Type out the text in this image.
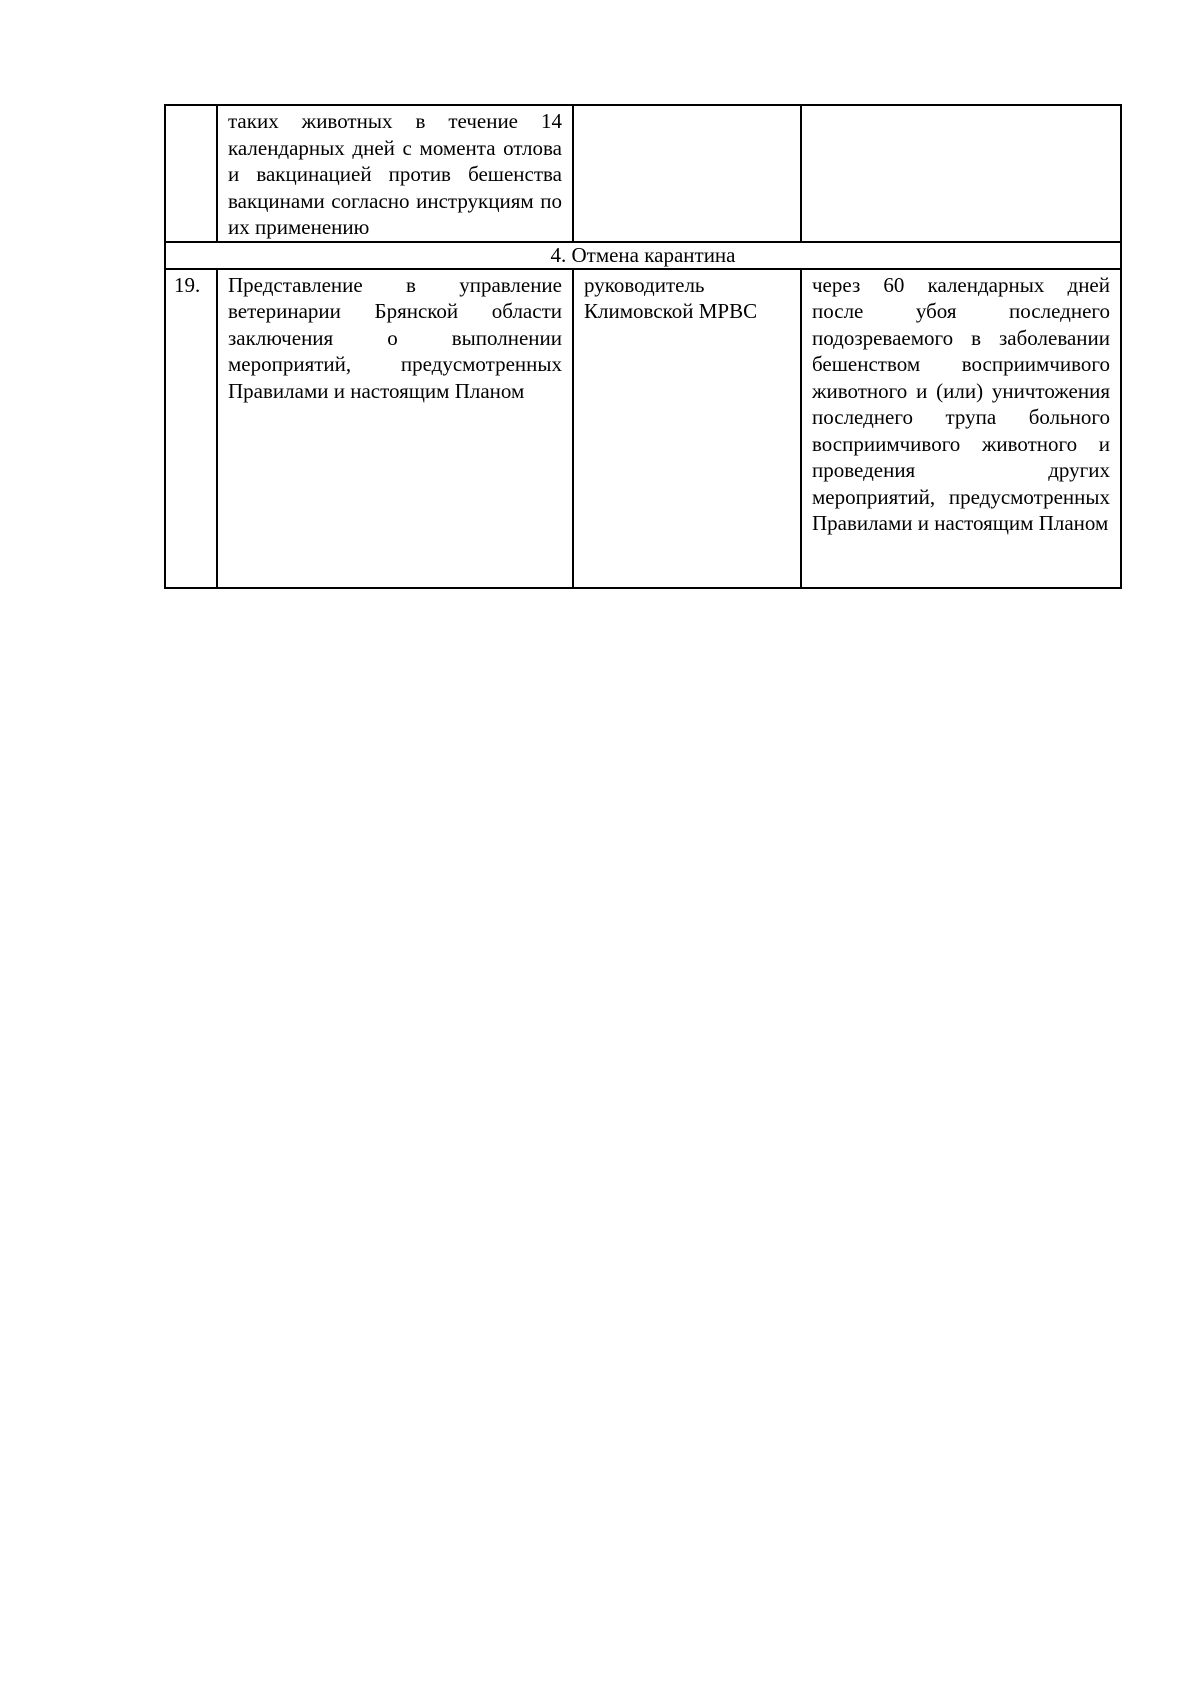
	таких животных в течение 14 календарных дней с момента отлова и вакцинацией против бешенства вакцинами согласно инструкциям по их применению		
4. Отмена карантина			
19.	Представление в управление ветеринарии Брянской области заключения о выполнении мероприятий, предусмотренных Правилами и настоящим Планом	руководитель Климовской МРВС	через 60 календарных дней после убоя последнего подозреваемого в заболевании бешенством восприимчивого животного и (или) уничтожения последнего трупа больного восприимчивого животного и проведения других мероприятий, предусмотренных Правилами и настоящим Планом
